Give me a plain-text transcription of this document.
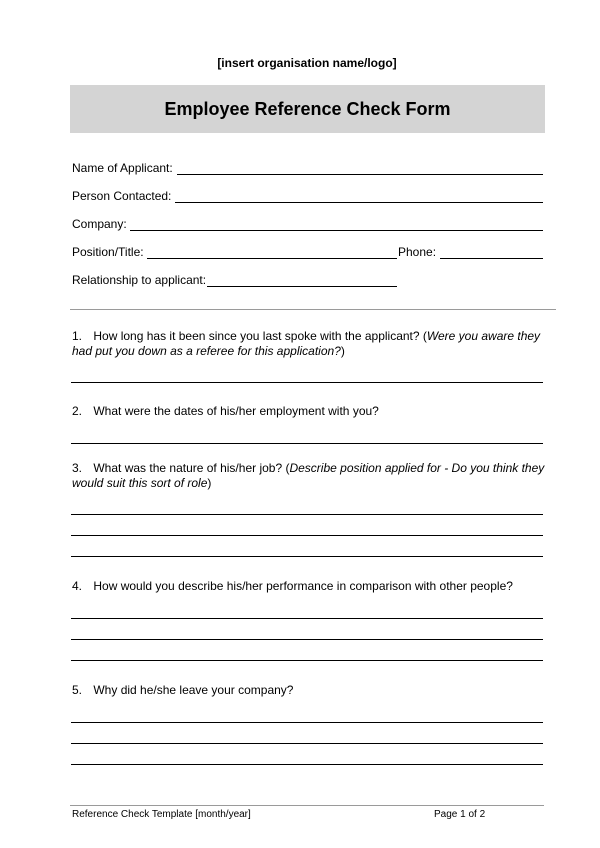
[insert organisation name/logo]
Employee Reference Check Form
Name of Applicant:
Person Contacted:
Company:
Position/Title:	Phone:
Relationship to applicant:
1. How long has it been since you last spoke with the applicant? (Were you aware they had put you down as a referee for this application?)
2. What were the dates of his/her employment with you?
3. What was the nature of his/her job? (Describe position applied for - Do you think they would suit this sort of role)
4. How would you describe his/her performance in comparison with other people?
5. Why did he/she leave your company?
Reference Check Template [month/year]	Page 1 of 2
